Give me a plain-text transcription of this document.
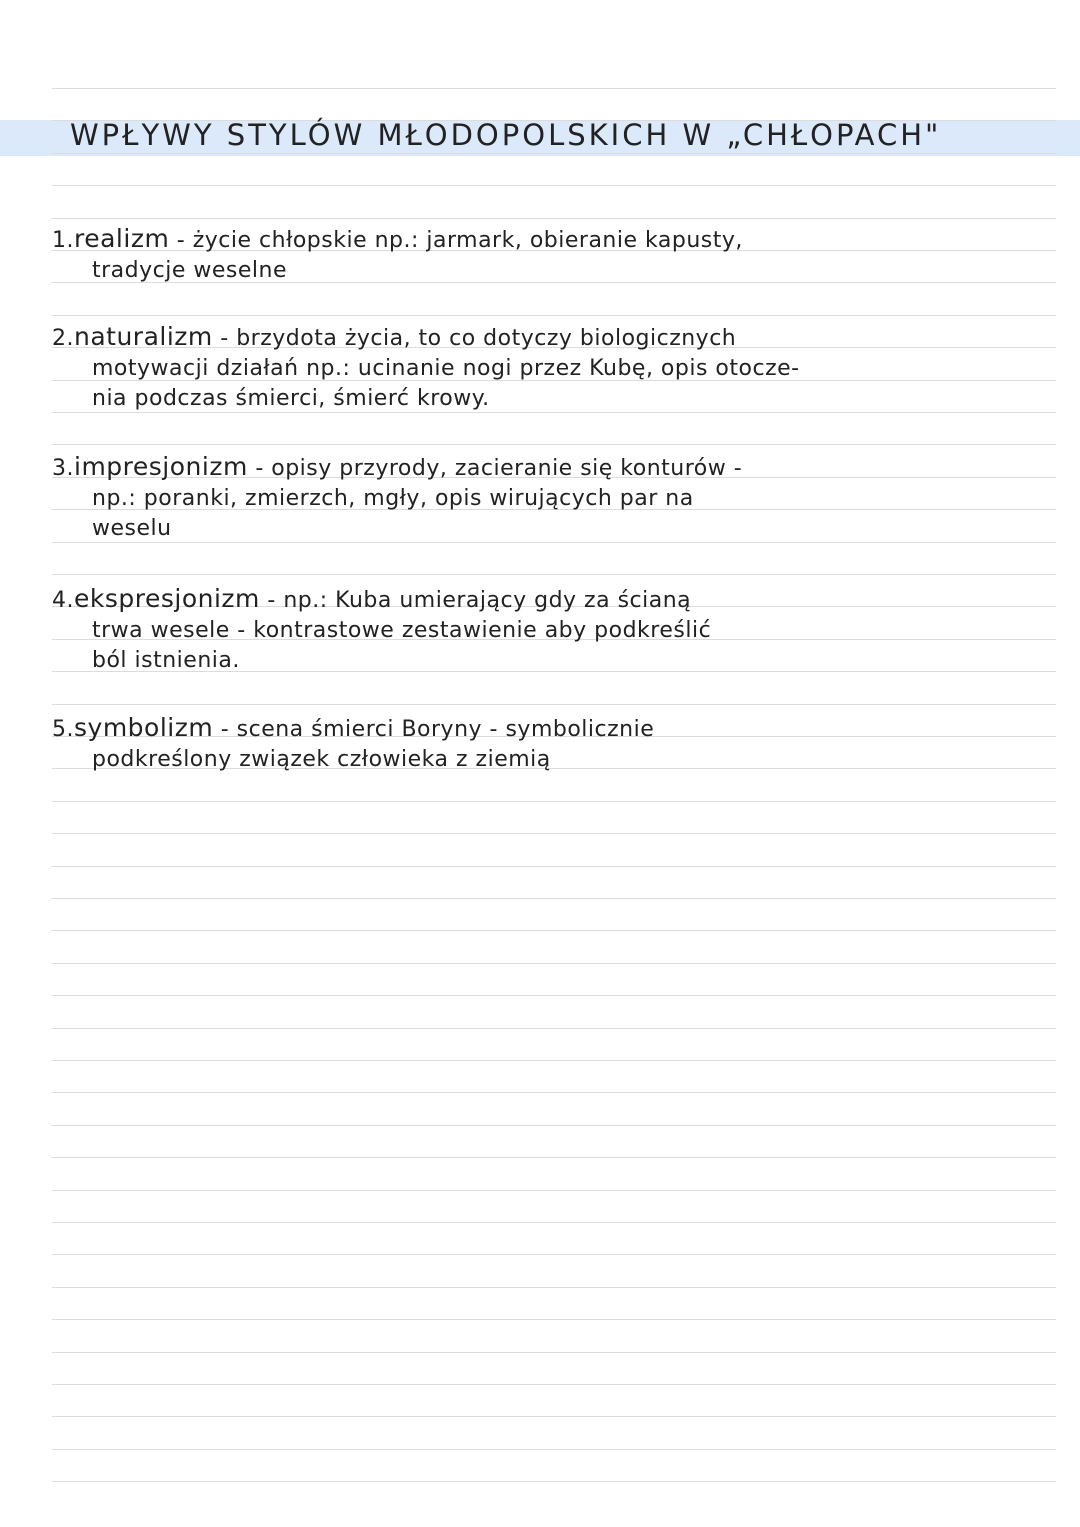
WPŁYWY STYLÓW MŁODOPOLSKICH W „CHŁOPACH"
1.realizm - życie chłopskie np.: jarmark, obieranie kapusty,
tradycje weselne
2.naturalizm - brzydota życia, to co dotyczy biologicznych
motywacji działań np.: ucinanie nogi przez Kubę, opis otocze-
nia podczas śmierci, śmierć krowy.
3.impresjonizm - opisy przyrody, zacieranie się konturów -
np.: poranki, zmierzch, mgły, opis wirujących par na
weselu
4.ekspresjonizm - np.: Kuba umierający gdy za ścianą
trwa wesele - kontrastowe zestawienie aby podkreślić
ból istnienia.
5.symbolizm - scena śmierci Boryny - symbolicznie
podkreślony związek człowieka z ziemią
